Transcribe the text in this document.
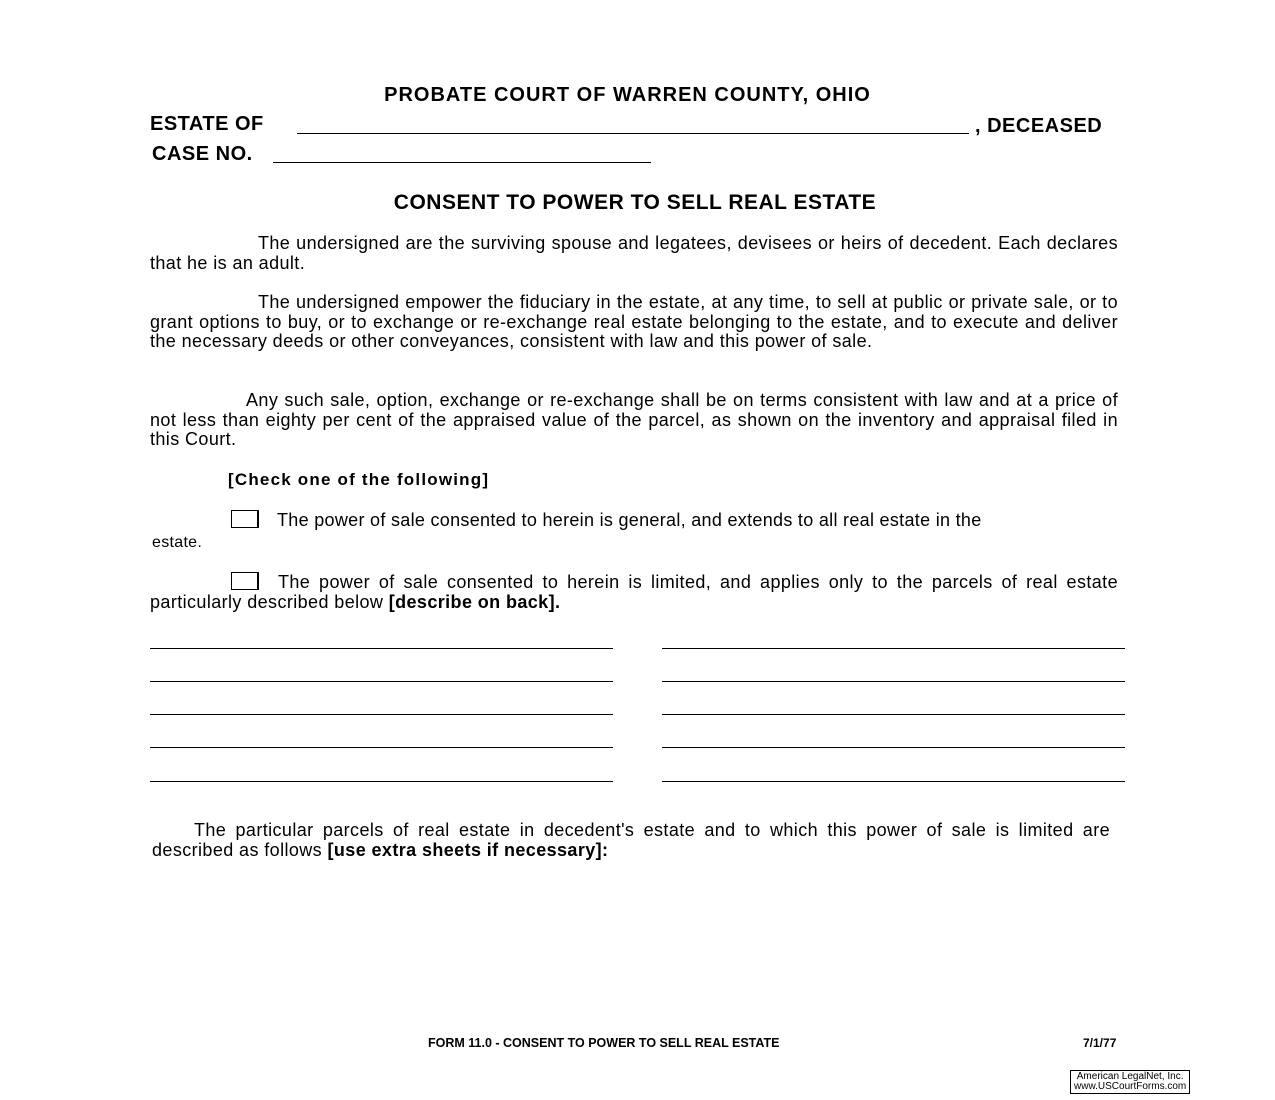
PROBATE COURT OF WARREN COUNTY, OHIO
ESTATE OF	, DECEASED
CASE NO.
CONSENT TO POWER TO SELL REAL ESTATE
The undersigned are the surviving spouse and legatees, devisees or heirs of decedent. Each declares that he is an adult.
The undersigned empower the fiduciary in the estate, at any time, to sell at public or private sale, or to grant options to buy, or to exchange or re-exchange real estate belonging to the estate, and to execute and deliver the necessary deeds or other conveyances, consistent with law and this power of sale.
Any such sale, option, exchange or re-exchange shall be on terms consistent with law and at a price of not less than eighty per cent of the appraised value of the parcel, as shown on the inventory and appraisal filed in this Court.
[Check one of the following]
The power of sale consented to herein is general, and extends to all real estate in the
estate.
The power of sale consented to herein is limited, and applies only to the parcels of real estate particularly described below [describe on back].
The particular parcels of real estate in decedent's estate and to which this power of sale is limited are described as follows [use extra sheets if necessary]:
FORM 11.0 - CONSENT TO POWER TO SELL REAL ESTATE	7/1/77
American LegalNet, Inc.
www.USCourtForms.com
